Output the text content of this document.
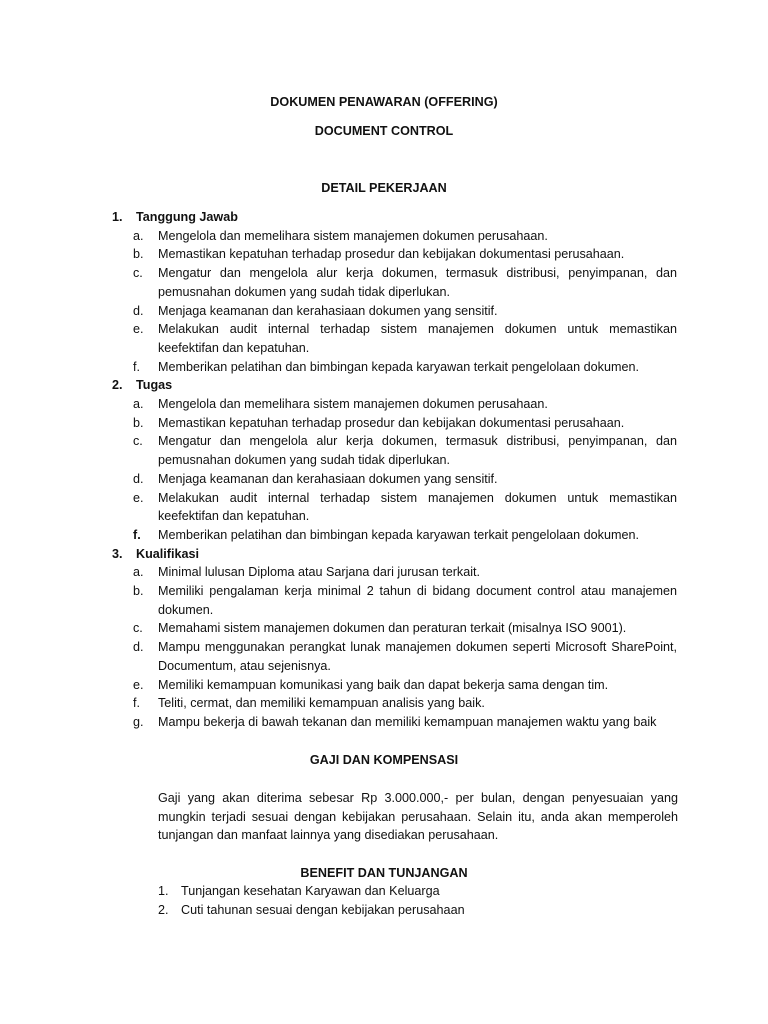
DOKUMEN PENAWARAN (OFFERING)
DOCUMENT CONTROL
DETAIL PEKERJAAN
1. Tanggung Jawab
a. Mengelola dan memelihara sistem manajemen dokumen perusahaan.
b. Memastikan kepatuhan terhadap prosedur dan kebijakan dokumentasi perusahaan.
c. Mengatur dan mengelola alur kerja dokumen, termasuk distribusi, penyimpanan, dan pemusnahan dokumen yang sudah tidak diperlukan.
d. Menjaga keamanan dan kerahasiaan dokumen yang sensitif.
e. Melakukan audit internal terhadap sistem manajemen dokumen untuk memastikan keefektifan dan kepatuhan.
f. Memberikan pelatihan dan bimbingan kepada karyawan terkait pengelolaan dokumen.
2. Tugas
a. Mengelola dan memelihara sistem manajemen dokumen perusahaan.
b. Memastikan kepatuhan terhadap prosedur dan kebijakan dokumentasi perusahaan.
c. Mengatur dan mengelola alur kerja dokumen, termasuk distribusi, penyimpanan, dan pemusnahan dokumen yang sudah tidak diperlukan.
d. Menjaga keamanan dan kerahasiaan dokumen yang sensitif.
e. Melakukan audit internal terhadap sistem manajemen dokumen untuk memastikan keefektifan dan kepatuhan.
f. Memberikan pelatihan dan bimbingan kepada karyawan terkait pengelolaan dokumen.
3. Kualifikasi
a. Minimal lulusan Diploma atau Sarjana dari jurusan terkait.
b. Memiliki pengalaman kerja minimal 2 tahun di bidang document control atau manajemen dokumen.
c. Memahami sistem manajemen dokumen dan peraturan terkait (misalnya ISO 9001).
d. Mampu menggunakan perangkat lunak manajemen dokumen seperti Microsoft SharePoint, Documentum, atau sejenisnya.
e. Memiliki kemampuan komunikasi yang baik dan dapat bekerja sama dengan tim.
f. Teliti, cermat, dan memiliki kemampuan analisis yang baik.
g. Mampu bekerja di bawah tekanan dan memiliki kemampuan manajemen waktu yang baik
GAJI DAN KOMPENSASI
Gaji yang akan diterima sebesar Rp 3.000.000,- per bulan, dengan penyesuaian yang mungkin terjadi sesuai dengan kebijakan perusahaan. Selain itu, anda akan memperoleh tunjangan dan manfaat lainnya yang disediakan perusahaan.
BENEFIT DAN TUNJANGAN
1. Tunjangan kesehatan Karyawan dan Keluarga
2. Cuti tahunan sesuai dengan kebijakan perusahaan
